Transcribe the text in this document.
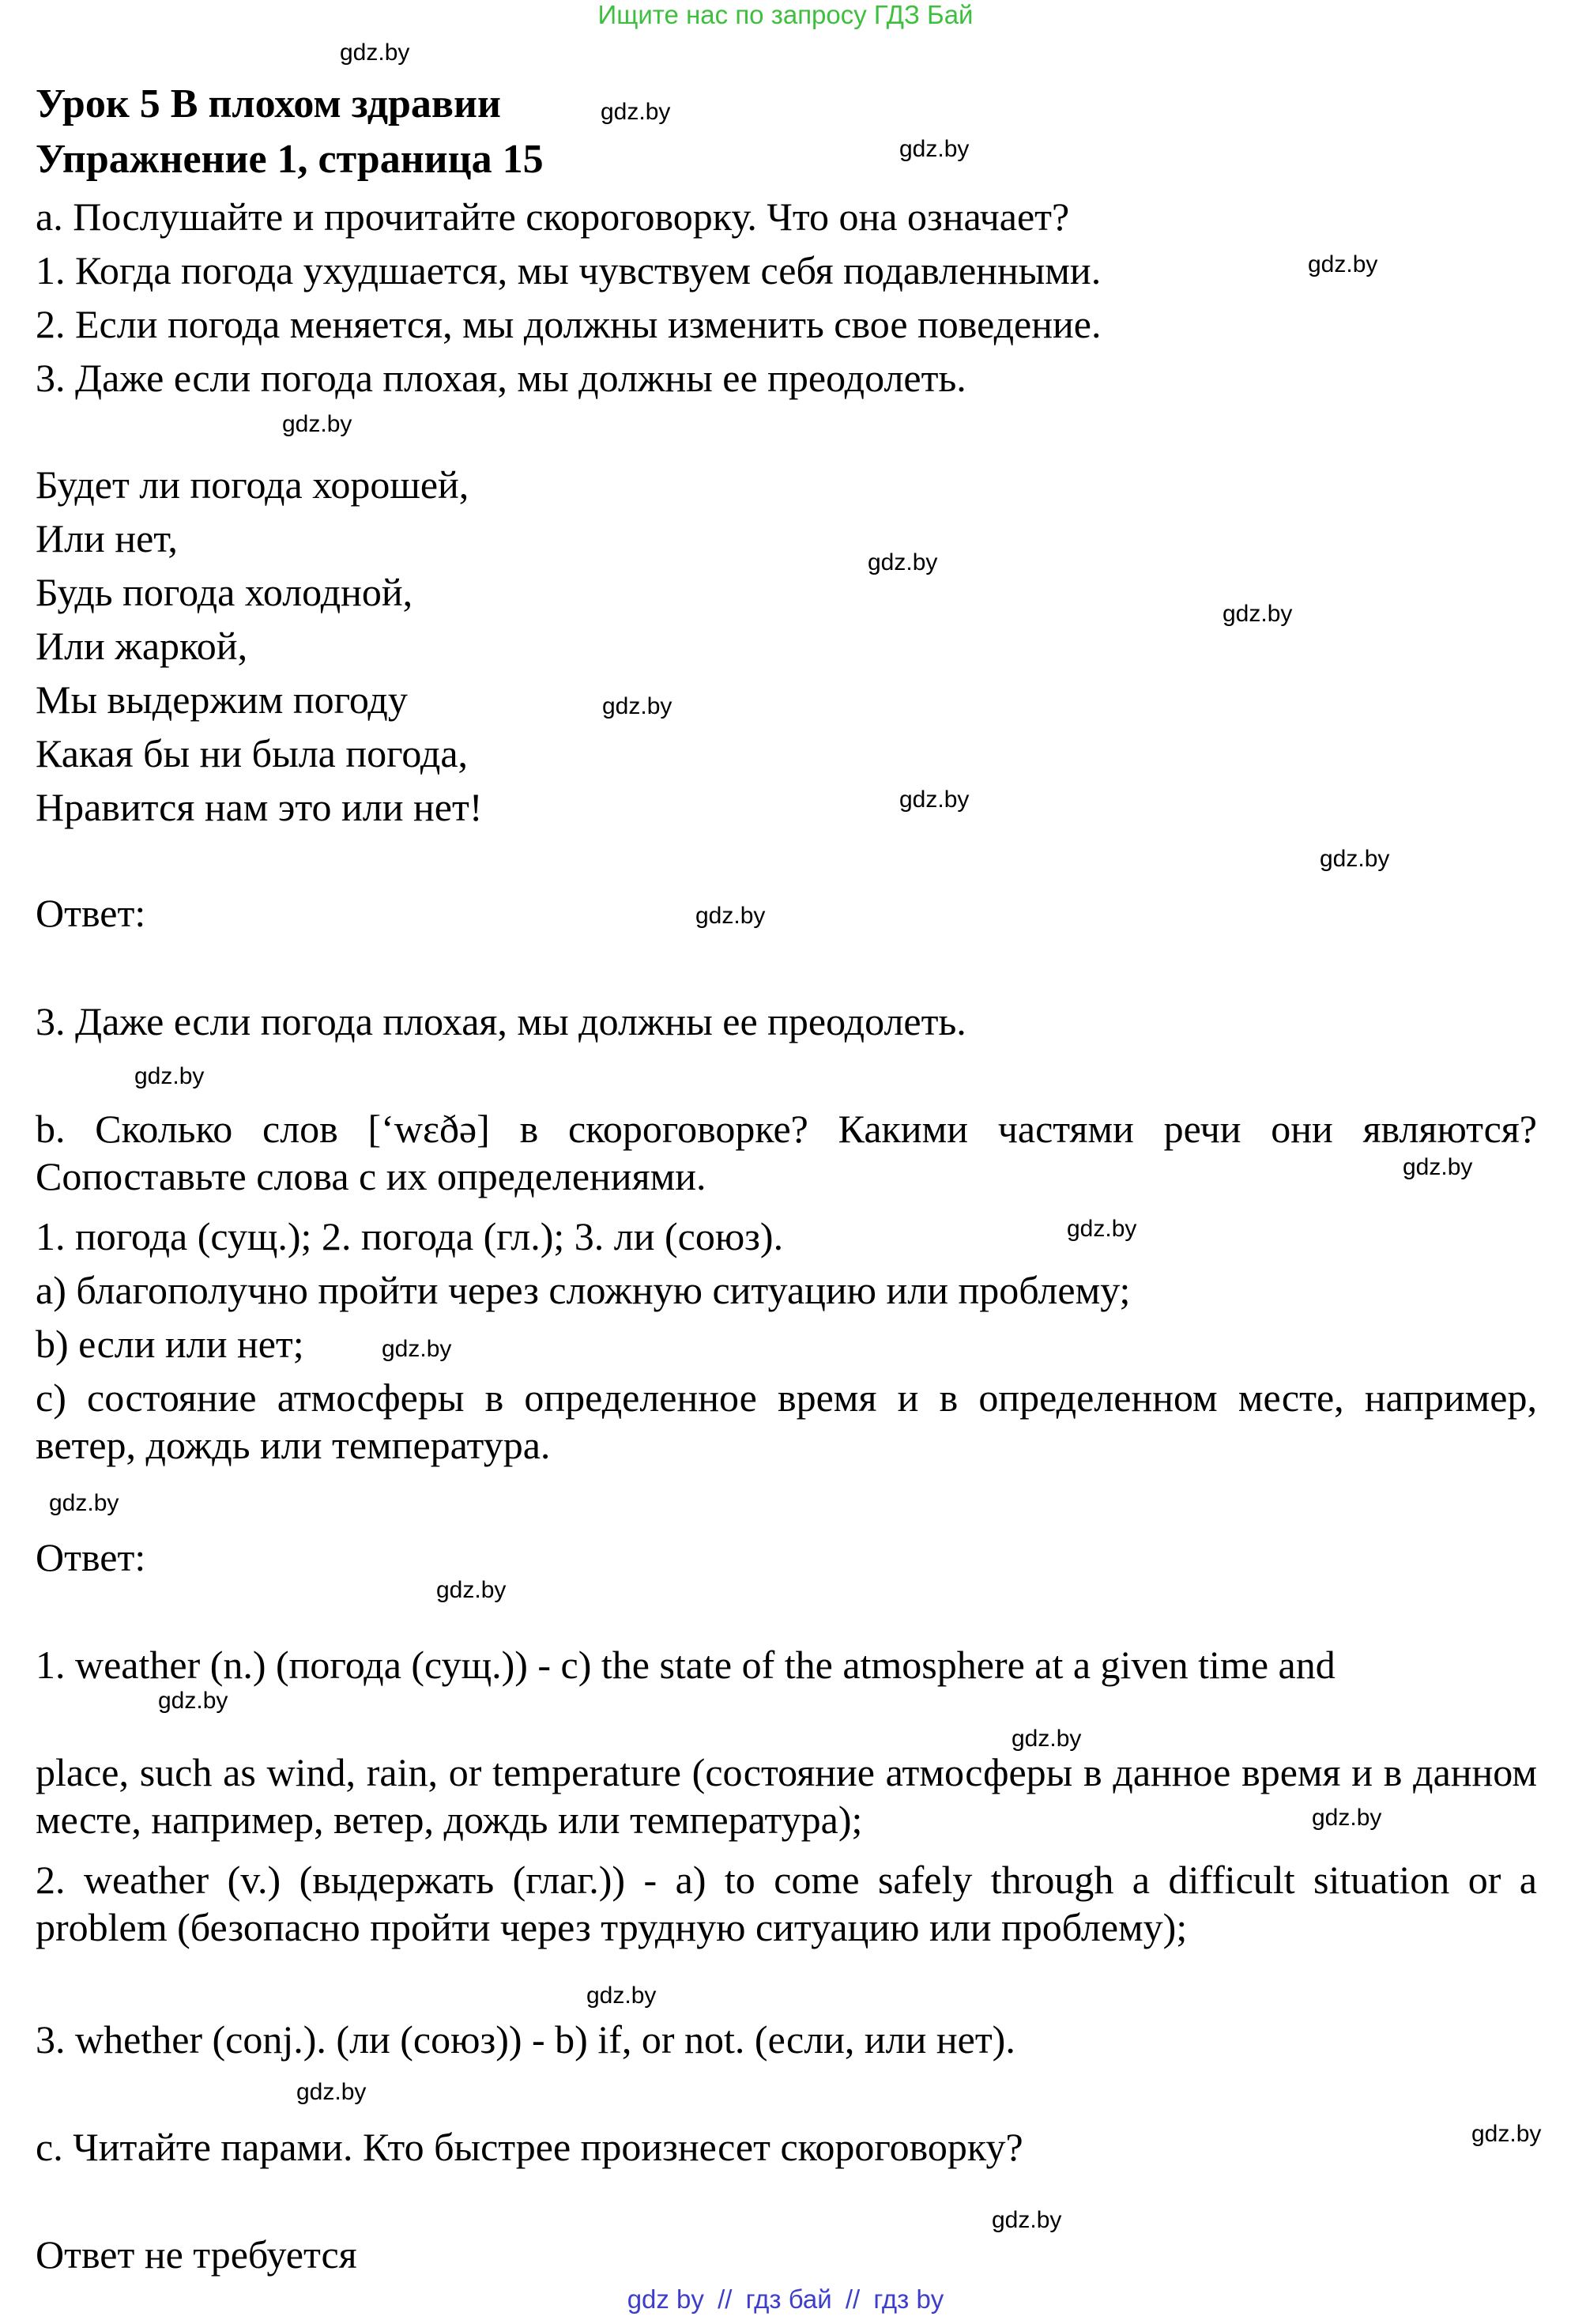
Ищите нас по запросу ГДЗ Бай
Урок 5 В плохом здравии
Упражнение 1, страница 15
a. Послушайте и прочитайте скороговорку. Что она означает?
1. Когда погода ухудшается, мы чувствуем себя подавленными.
2. Если погода меняется, мы должны изменить свое поведение.
3. Даже если погода плохая, мы должны ее преодолеть.
Будет ли погода хорошей,
Или нет,
Будь погода холодной,
Или жаркой,
Мы выдержим погоду
Какая бы ни была погода,
Нравится нам это или нет!
Ответ:
3. Даже если погода плохая, мы должны ее преодолеть.
b. Сколько слов [ʻwɛðə] в скороговорке? Какими частями речи они являются? Сопоставьте слова с их определениями.
1. погода (сущ.); 2. погода (гл.); 3. ли (союз).
a) благополучно пройти через сложную ситуацию или проблему;
b) если или нет;
c) состояние атмосферы в определенное время и в определенном месте, например, ветер, дождь или температура.
Ответ:
1. weather (n.) (погода (сущ.)) - c) the state of the atmosphere at a given time and
place, such as wind, rain, or temperature (состояние атмосферы в данное время и в данном месте, например, ветер, дождь или температура);
2. weather (v.) (выдержать (глаг.)) - a) to come safely through a difficult situation or a problem (безопасно пройти через трудную ситуацию или проблему);
3. whether (conj.). (ли (союз)) - b) if, or not. (если, или нет).
c. Читайте парами. Кто быстрее произнесет скороговорку?
Ответ не требуется
gdz.by
gdz.by
gdz.by
gdz.by
gdz.by
gdz.by
gdz.by
gdz.by
gdz.by
gdz.by
gdz.by
gdz.by
gdz.by
gdz.by
gdz.by
gdz.by
gdz.by
gdz.by
gdz.by
gdz.by
gdz.by
gdz.by
gdz.by
gdz.by
gdz by // гдз бай // гдз by
